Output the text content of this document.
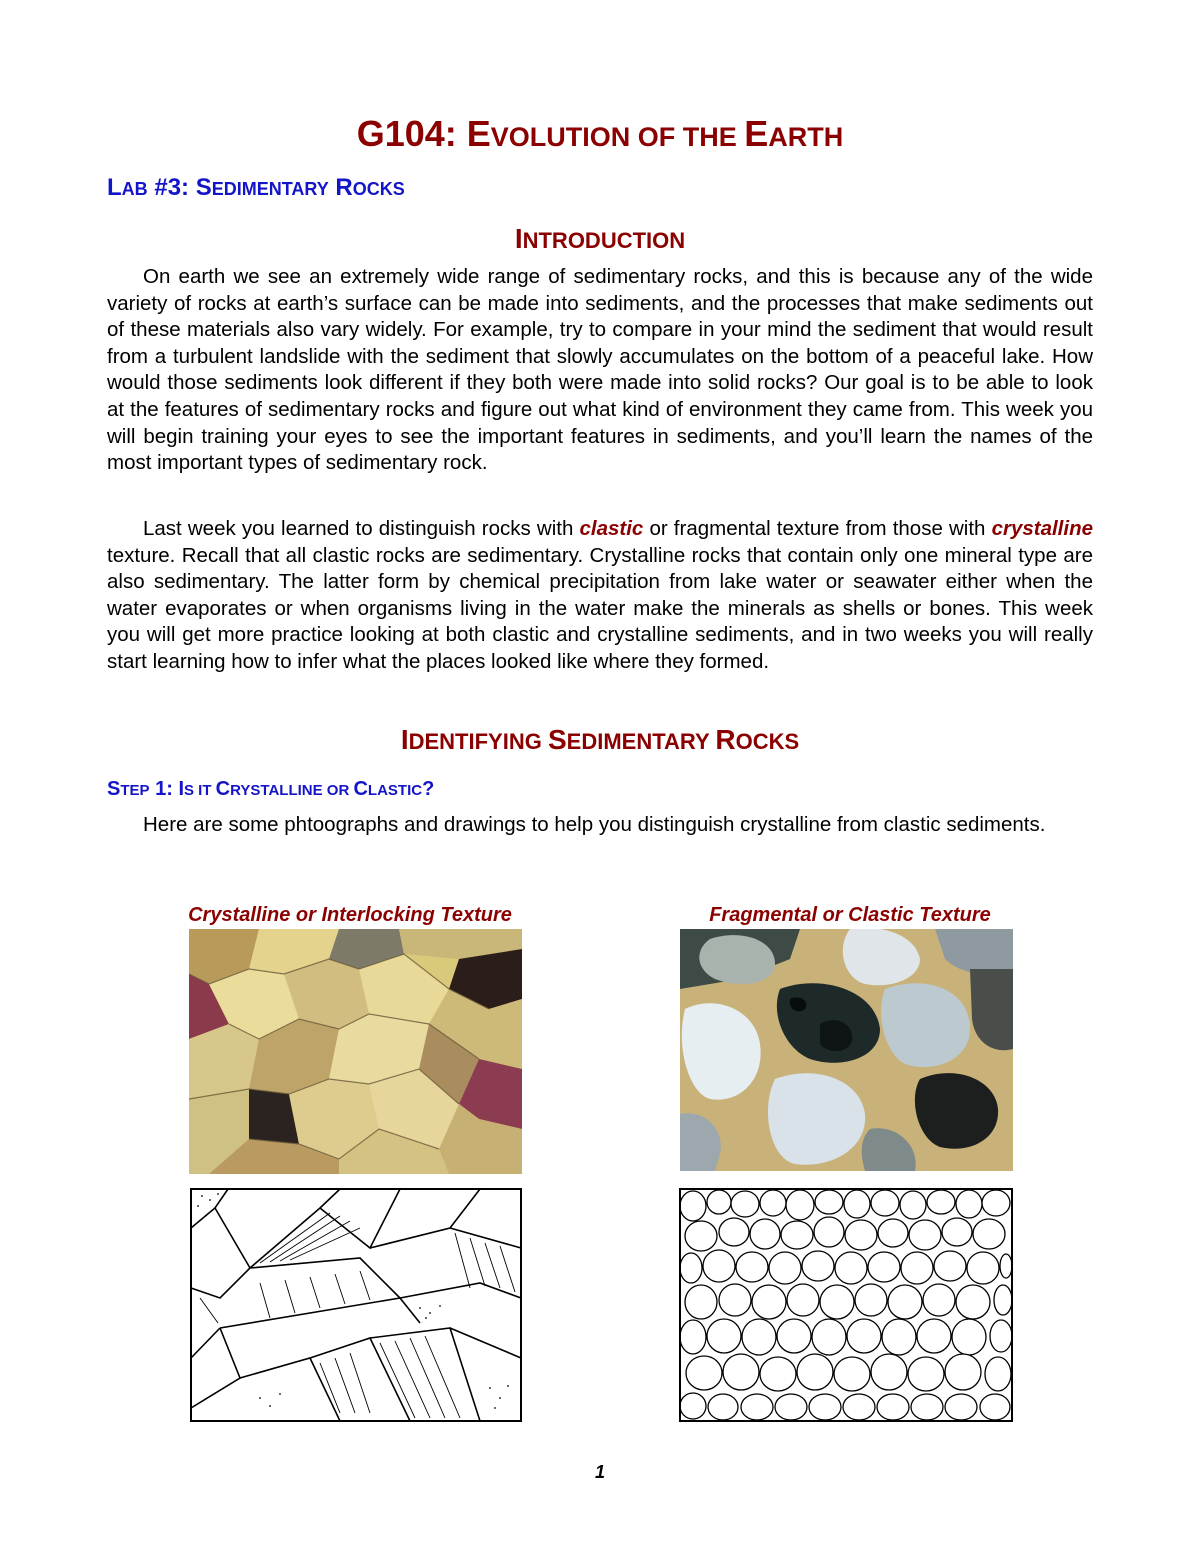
G104: EVOLUTION OF THE EARTH
LAB #3: SEDIMENTARY ROCKS
INTRODUCTION
On earth we see an extremely wide range of sedimentary rocks, and this is because any of the wide variety of rocks at earth’s surface can be made into sediments, and the processes that make sediments out of these materials also vary widely. For example, try to compare in your mind the sediment that would result from a turbulent landslide with the sediment that slowly accumulates on the bottom of a peaceful lake. How would those sediments look different if they both were made into solid rocks? Our goal is to be able to look at the features of sedimentary rocks and figure out what kind of environment they came from. This week you will begin training your eyes to see the important features in sediments, and you’ll learn the names of the most important types of sedimentary rock.
Last week you learned to distinguish rocks with clastic or fragmental texture from those with crystalline texture. Recall that all clastic rocks are sedimentary. Crystalline rocks that contain only one mineral type are also sedimentary. The latter form by chemical precipitation from lake water or seawater either when the water evaporates or when organisms living in the water make the minerals as shells or bones. This week you will get more practice looking at both clastic and crystalline sediments, and in two weeks you will really start learning how to infer what the places looked like where they formed.
IDENTIFYING SEDIMENTARY ROCKS
STEP 1: IS IT CRYSTALLINE OR CLASTIC?
Here are some phtoographs and drawings to help you distinguish crystalline from clastic sediments.
Crystalline or Interlocking Texture	Fragmental or Clastic Texture
1
